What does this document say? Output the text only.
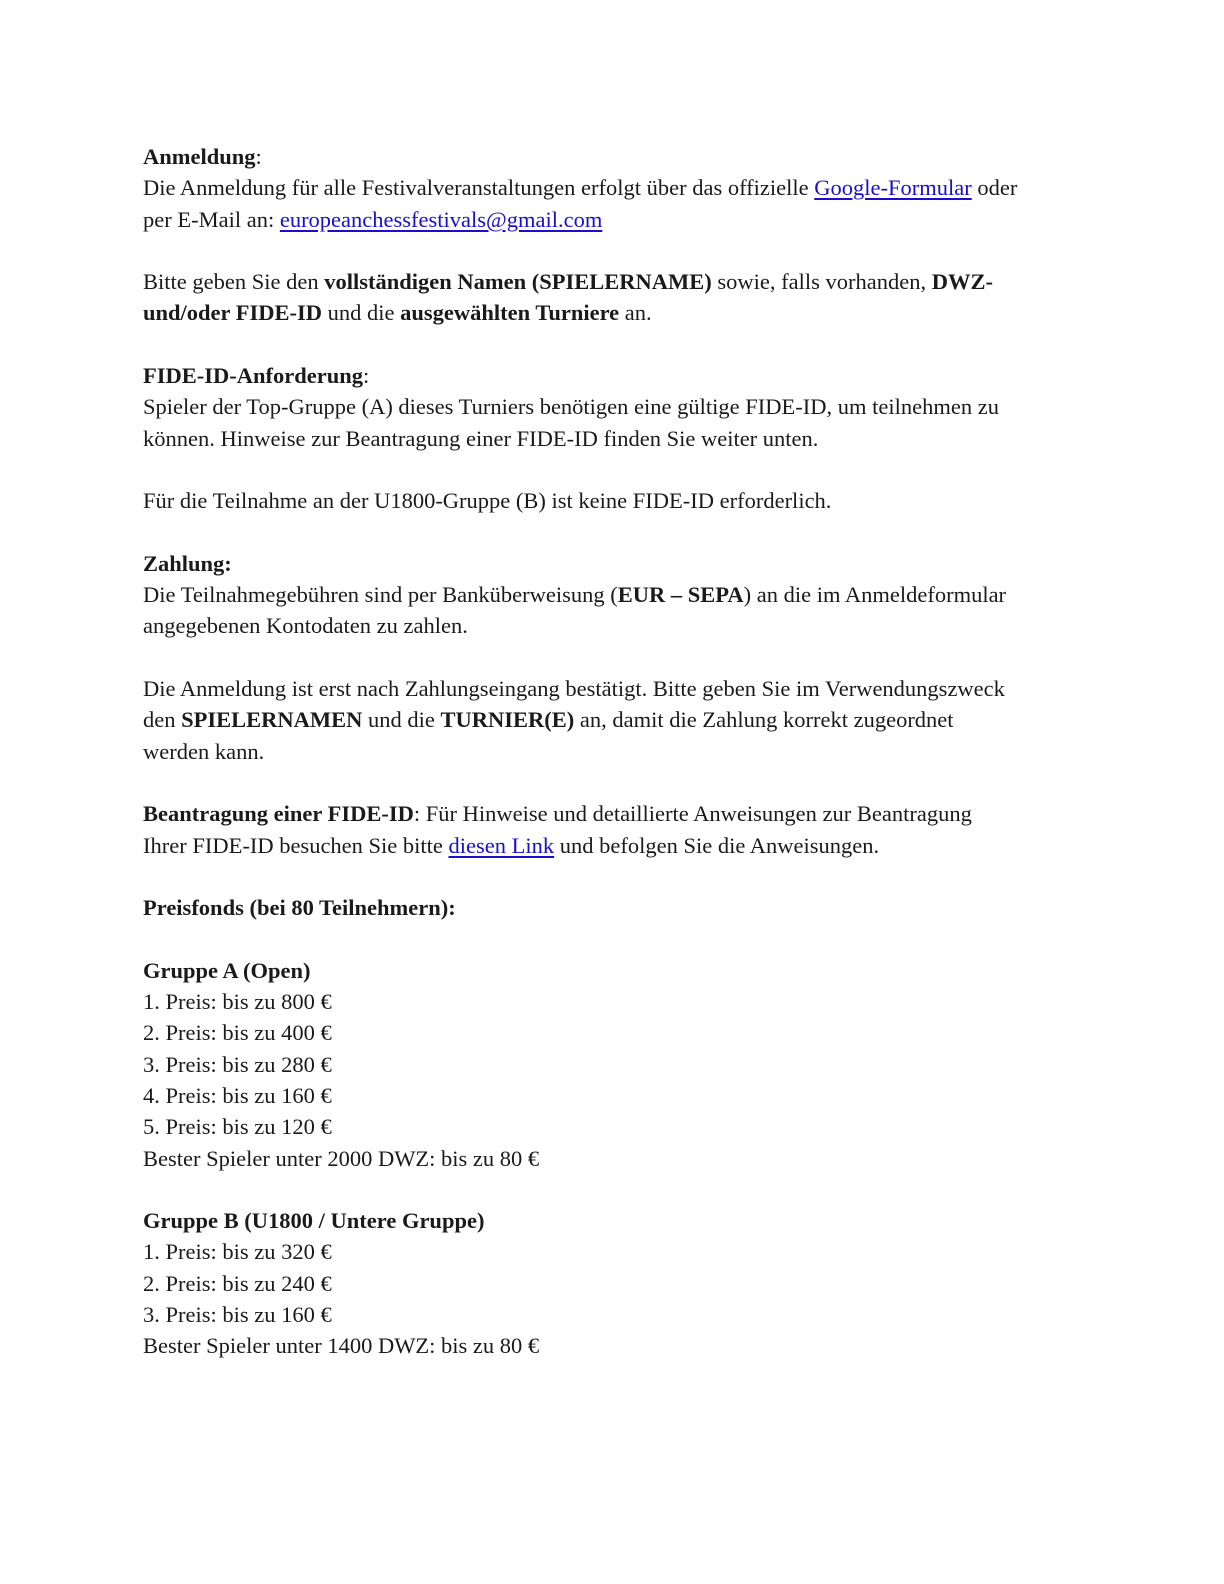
Anmeldung:
Die Anmeldung für alle Festivalveranstaltungen erfolgt über das offizielle Google-Formular oder
per E-Mail an: europeanchessfestivals@gmail.com
Bitte geben Sie den vollständigen Namen (SPIELERNAME) sowie, falls vorhanden, DWZ-
und/oder FIDE-ID und die ausgewählten Turniere an.
FIDE-ID-Anforderung:
Spieler der Top-Gruppe (A) dieses Turniers benötigen eine gültige FIDE-ID, um teilnehmen zu
können. Hinweise zur Beantragung einer FIDE-ID finden Sie weiter unten.
Für die Teilnahme an der U1800-Gruppe (B) ist keine FIDE-ID erforderlich.
Zahlung:
Die Teilnahmegebühren sind per Banküberweisung (EUR – SEPA) an die im Anmeldeformular
angegebenen Kontodaten zu zahlen.
Die Anmeldung ist erst nach Zahlungseingang bestätigt. Bitte geben Sie im Verwendungszweck
den SPIELERNAMEN und die TURNIER(E) an, damit die Zahlung korrekt zugeordnet
werden kann.
Beantragung einer FIDE-ID: Für Hinweise und detaillierte Anweisungen zur Beantragung
Ihrer FIDE-ID besuchen Sie bitte diesen Link und befolgen Sie die Anweisungen.
Preisfonds (bei 80 Teilnehmern):
Gruppe A (Open)
1. Preis: bis zu 800 €
2. Preis: bis zu 400 €
3. Preis: bis zu 280 €
4. Preis: bis zu 160 €
5. Preis: bis zu 120 €
Bester Spieler unter 2000 DWZ: bis zu 80 €
Gruppe B (U1800 / Untere Gruppe)
1. Preis: bis zu 320 €
2. Preis: bis zu 240 €
3. Preis: bis zu 160 €
Bester Spieler unter 1400 DWZ: bis zu 80 €
